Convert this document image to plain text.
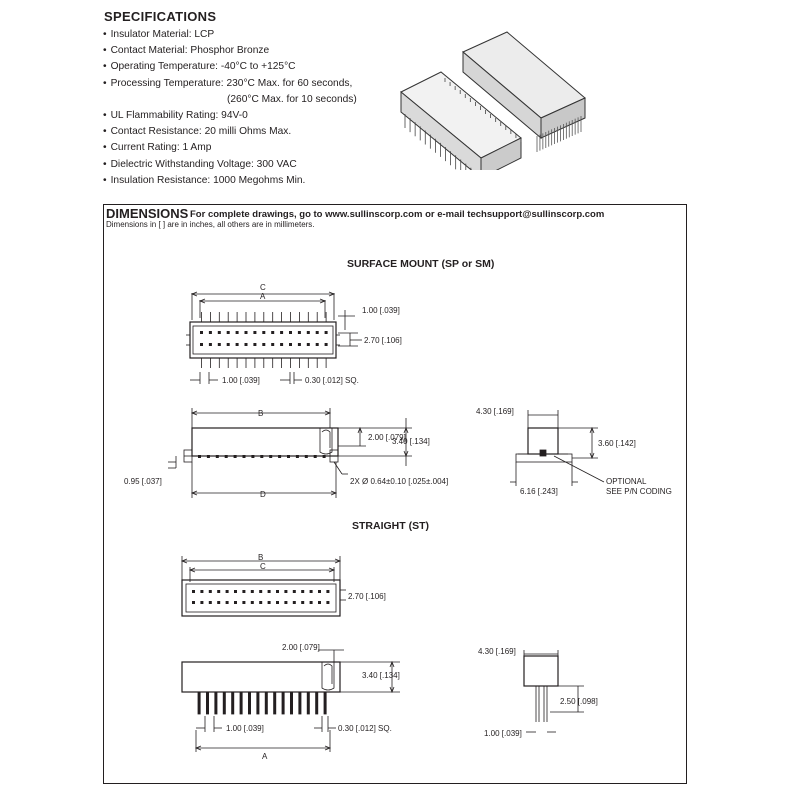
SPECIFICATIONS
• Insulator Material: LCP
• Contact Material: Phosphor Bronze
• Operating Temperature: -40°C to +125°C
• Processing Temperature: 230°C Max. for 60 seconds,
(260°C Max. for 10 seconds)
• UL Flammability Rating: 94V-0
• Contact Resistance: 20 milli Ohms Max.
• Current Rating: 1 Amp
• Dielectric Withstanding Voltage: 300 VAC
• Insulation Resistance: 1000 Megohms Min.
DIMENSIONS For complete drawings, go to www.sullinscorp.com or e-mail techsupport@sullinscorp.com
Dimensions in [ ] are in inches, all others are in millimeters.
SURFACE MOUNT (SP or SM)
STRAIGHT (ST)
C
A
1.00 [.039]
2.70 [.106]
1.00 [.039]	0.30 [.012] SQ.
B
2.00 [.079]
3.40 [.134]
0.95 [.037]	2X Ø 0.64±0.10 [.025±.004]
D
4.30 [.169]
3.60 [.142]
6.16 [.243]
OPTIONAL
SEE P/N CODING
B
C
2.70 [.106]
2.00 [.079]
3.40 [.134]
1.00 [.039]	0.30 [.012] SQ.
A
4.30 [.169]
2.50 [.098]
1.00 [.039]
